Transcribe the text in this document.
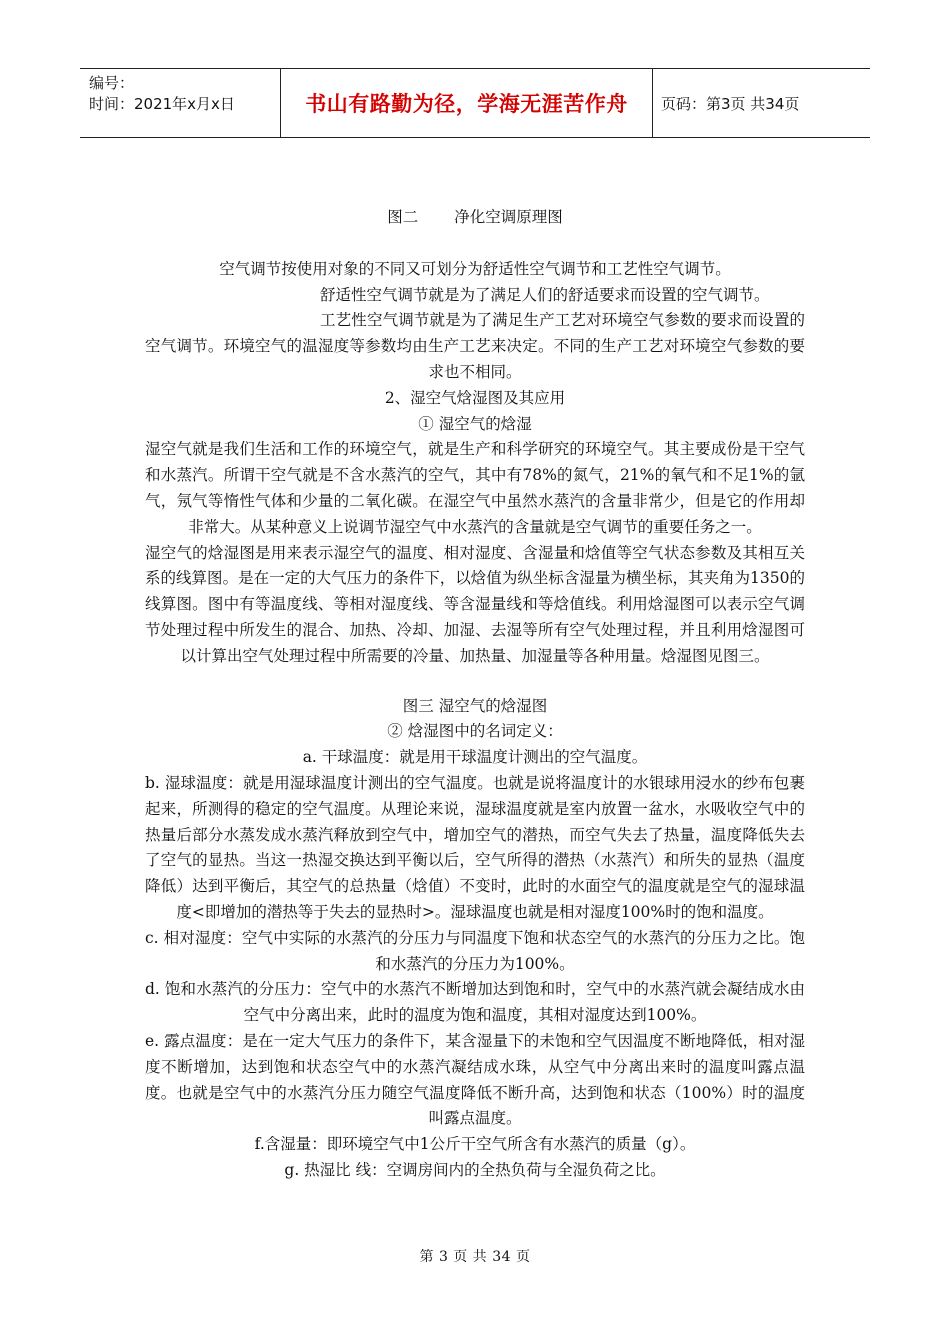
编号：
时间：2021年x月x日	书山有路勤为径，学海无涯苦作舟 页码：第3页 共34页

图二 净化空调原理图

空气调节按使用对象的不同又可划分为舒适性空气调节和工艺性空气调节。

舒适性空气调节就是为了满足人们的舒适要求而设置的空气调节。

工艺性空气调节就是为了满足生产工艺对环境空气参数的要求而设置的空气调节。环境空气的温湿度等参数均由生产工艺来决定。不同的生产工艺对环境空气参数的要求也不相同。

2、湿空气焓湿图及其应用

① 湿空气的焓湿

湿空气就是我们生活和工作的环境空气，就是生产和科学研究的环境空气。其主要成份是干空气和水蒸汽。所谓干空气就是不含水蒸汽的空气，其中有78%的氮气，21%的氧气和不足1%的氩气，氖气等惰性气体和少量的二氧化碳。在湿空气中虽然水蒸汽的含量非常少，但是它的作用却非常大。从某种意义上说调节湿空气中水蒸汽的含量就是空气调节的重要任务之一。

湿空气的焓湿图是用来表示湿空气的温度、相对湿度、含湿量和焓值等空气状态参数及其相互关系的线算图。是在一定的大气压力的条件下，以焓值为纵坐标含湿量为横坐标，其夹角为1350的线算图。图中有等温度线、等相对湿度线、等含湿量线和等焓值线。利用焓湿图可以表示空气调节处理过程中所发生的混合、加热、冷却、加湿、去湿等所有空气处理过程，并且利用焓湿图可以计算出空气处理过程中所需要的冷量、加热量、加湿量等各种用量。焓湿图见图三。

图三 湿空气的焓湿图

② 焓湿图中的名词定义：

a. 干球温度：就是用干球温度计测出的空气温度。

b. 湿球温度：就是用湿球温度计测出的空气温度。也就是说将温度计的水银球用浸水的纱布包裹起来，所测得的稳定的空气温度。从理论来说，湿球温度就是室内放置一盆水，水吸收空气中的热量后部分水蒸发成水蒸汽释放到空气中，增加空气的潜热，而空气失去了热量，温度降低失去了空气的显热。当这一热湿交换达到平衡以后，空气所得的潜热（水蒸汽）和所失的显热（温度降低）达到平衡后，其空气的总热量（焓值）不变时，此时的水面空气的温度就是空气的湿球温度<即增加的潜热等于失去的显热时>。湿球温度也就是相对湿度100%时的饱和温度。

c. 相对湿度：空气中实际的水蒸汽的分压力与同温度下饱和状态空气的水蒸汽的分压力之比。饱和水蒸汽的分压力为100%。

d. 饱和水蒸汽的分压力：空气中的水蒸汽不断增加达到饱和时，空气中的水蒸汽就会凝结成水由空气中分离出来，此时的温度为饱和温度，其相对湿度达到100%。

e. 露点温度：是在一定大气压力的条件下，某含湿量下的未饱和空气因温度不断地降低，相对湿度不断增加，达到饱和状态空气中的水蒸汽凝结成水珠，从空气中分离出来时的温度叫露点温度。也就是空气中的水蒸汽分压力随空气温度降低不断升高，达到饱和状态（100%）时的温度叫露点温度。

f.含湿量：即环境空气中1公斤干空气所含有水蒸汽的质量（g）。

g. 热湿比 线：空调房间内的全热负荷与全湿负荷之比。

第 3 页 共 34 页
